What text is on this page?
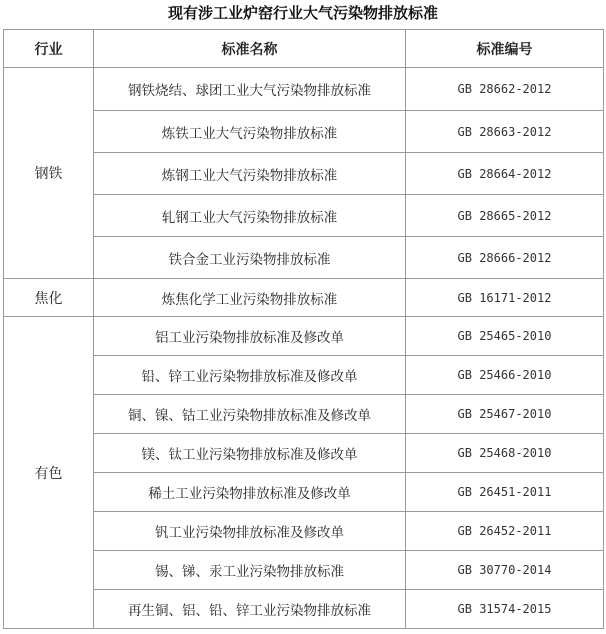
现有涉工业炉窑行业大气污染物排放标准
行业	标准名称	标准编号
钢铁	钢铁烧结、球团工业大气污染物排放标准	GB 28662-2012
	炼铁工业大气污染物排放标准	GB 28663-2012
	炼钢工业大气污染物排放标准	GB 28664-2012
	轧钢工业大气污染物排放标准	GB 28665-2012
	铁合金工业污染物排放标准	GB 28666-2012
焦化	炼焦化学工业污染物排放标准	GB 16171-2012
有色	铝工业污染物排放标准及修改单	GB 25465-2010
	铅、锌工业污染物排放标准及修改单	GB 25466-2010
	铜、镍、钴工业污染物排放标准及修改单	GB 25467-2010
	镁、钛工业污染物排放标准及修改单	GB 25468-2010
	稀土工业污染物排放标准及修改单	GB 26451-2011
	钒工业污染物排放标准及修改单	GB 26452-2011
	锡、锑、汞工业污染物排放标准	GB 30770-2014
	再生铜、铝、铅、锌工业污染物排放标准	GB 31574-2015
